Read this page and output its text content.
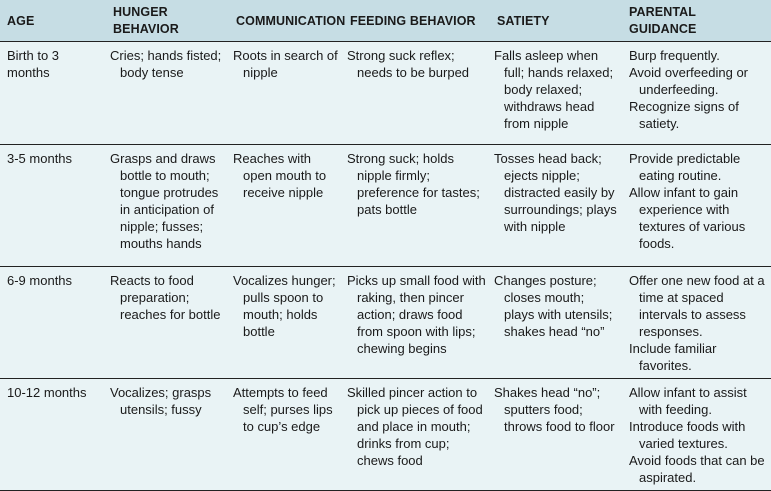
AGE	HUNGER BEHAVIOR	COMMUNICATION	FEEDING BEHAVIOR	SATIETY	PARENTAL GUIDANCE
Birth to 3 months	Cries; hands fisted; body tense	Roots in search of nipple	Strong suck reflex; needs to be burped	Falls asleep when full; hands relaxed; body relaxed; withdraws head from nipple	Burp frequently.
Avoid overfeeding or underfeeding.
Recognize signs of satiety.

3-5 months	Grasps and draws bottle to mouth; tongue protrudes in anticipation of nipple; fusses; mouths hands	Reaches with open mouth to receive nipple	Strong suck; holds nipple firmly; preference for tastes; pats bottle	Tosses head back; ejects nipple; distracted easily by surroundings; plays with nipple	Provide predictable eating routine.
Allow infant to gain experience with textures of various foods.

6-9 months	Reacts to food preparation; reaches for bottle	Vocalizes hunger; pulls spoon to mouth; holds bottle	Picks up small food with raking, then pincer action; draws food from spoon with lips; chewing begins	Changes posture; closes mouth; plays with utensils; shakes head “no”	Offer one new food at a time at spaced intervals to assess responses.
Include familiar favorites.

10-12 months	Vocalizes; grasps utensils; fussy	Attempts to feed self; purses lips to cup’s edge	Skilled pincer action to pick up pieces of food and place in mouth; drinks from cup; chews food	Shakes head “no”; sputters food; throws food to floor	Allow infant to assist with feeding.
Introduce foods with varied textures.
Avoid foods that can be aspirated.
